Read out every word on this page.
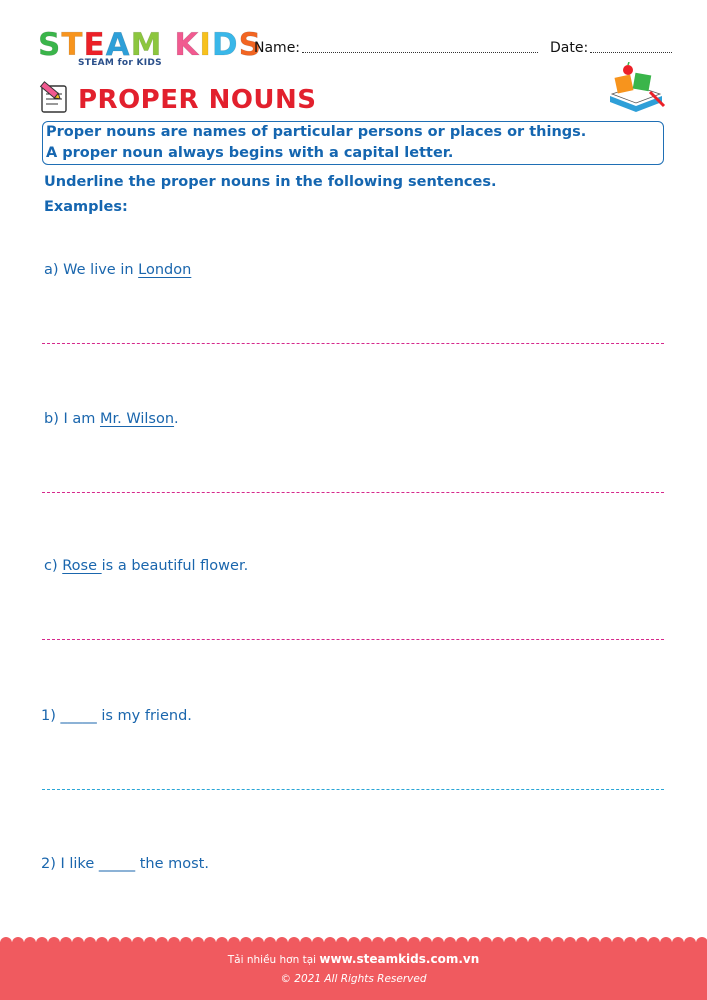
STEAM KIDS
STEAM for KIDS
Name:	Date:
PROPER NOUNS
Proper nouns are names of particular persons or places or things.
A proper noun always begins with a capital letter.
Underline the proper nouns in the following sentences.
Examples:
a) We live in London
b) I am Mr. Wilson.
c) Rose is a beautiful flower.
1) _____ is my friend.
2) I like _____ the most.
Tải nhiều hơn tại www.steamkids.com.vn
© 2021 All Rights Reserved
